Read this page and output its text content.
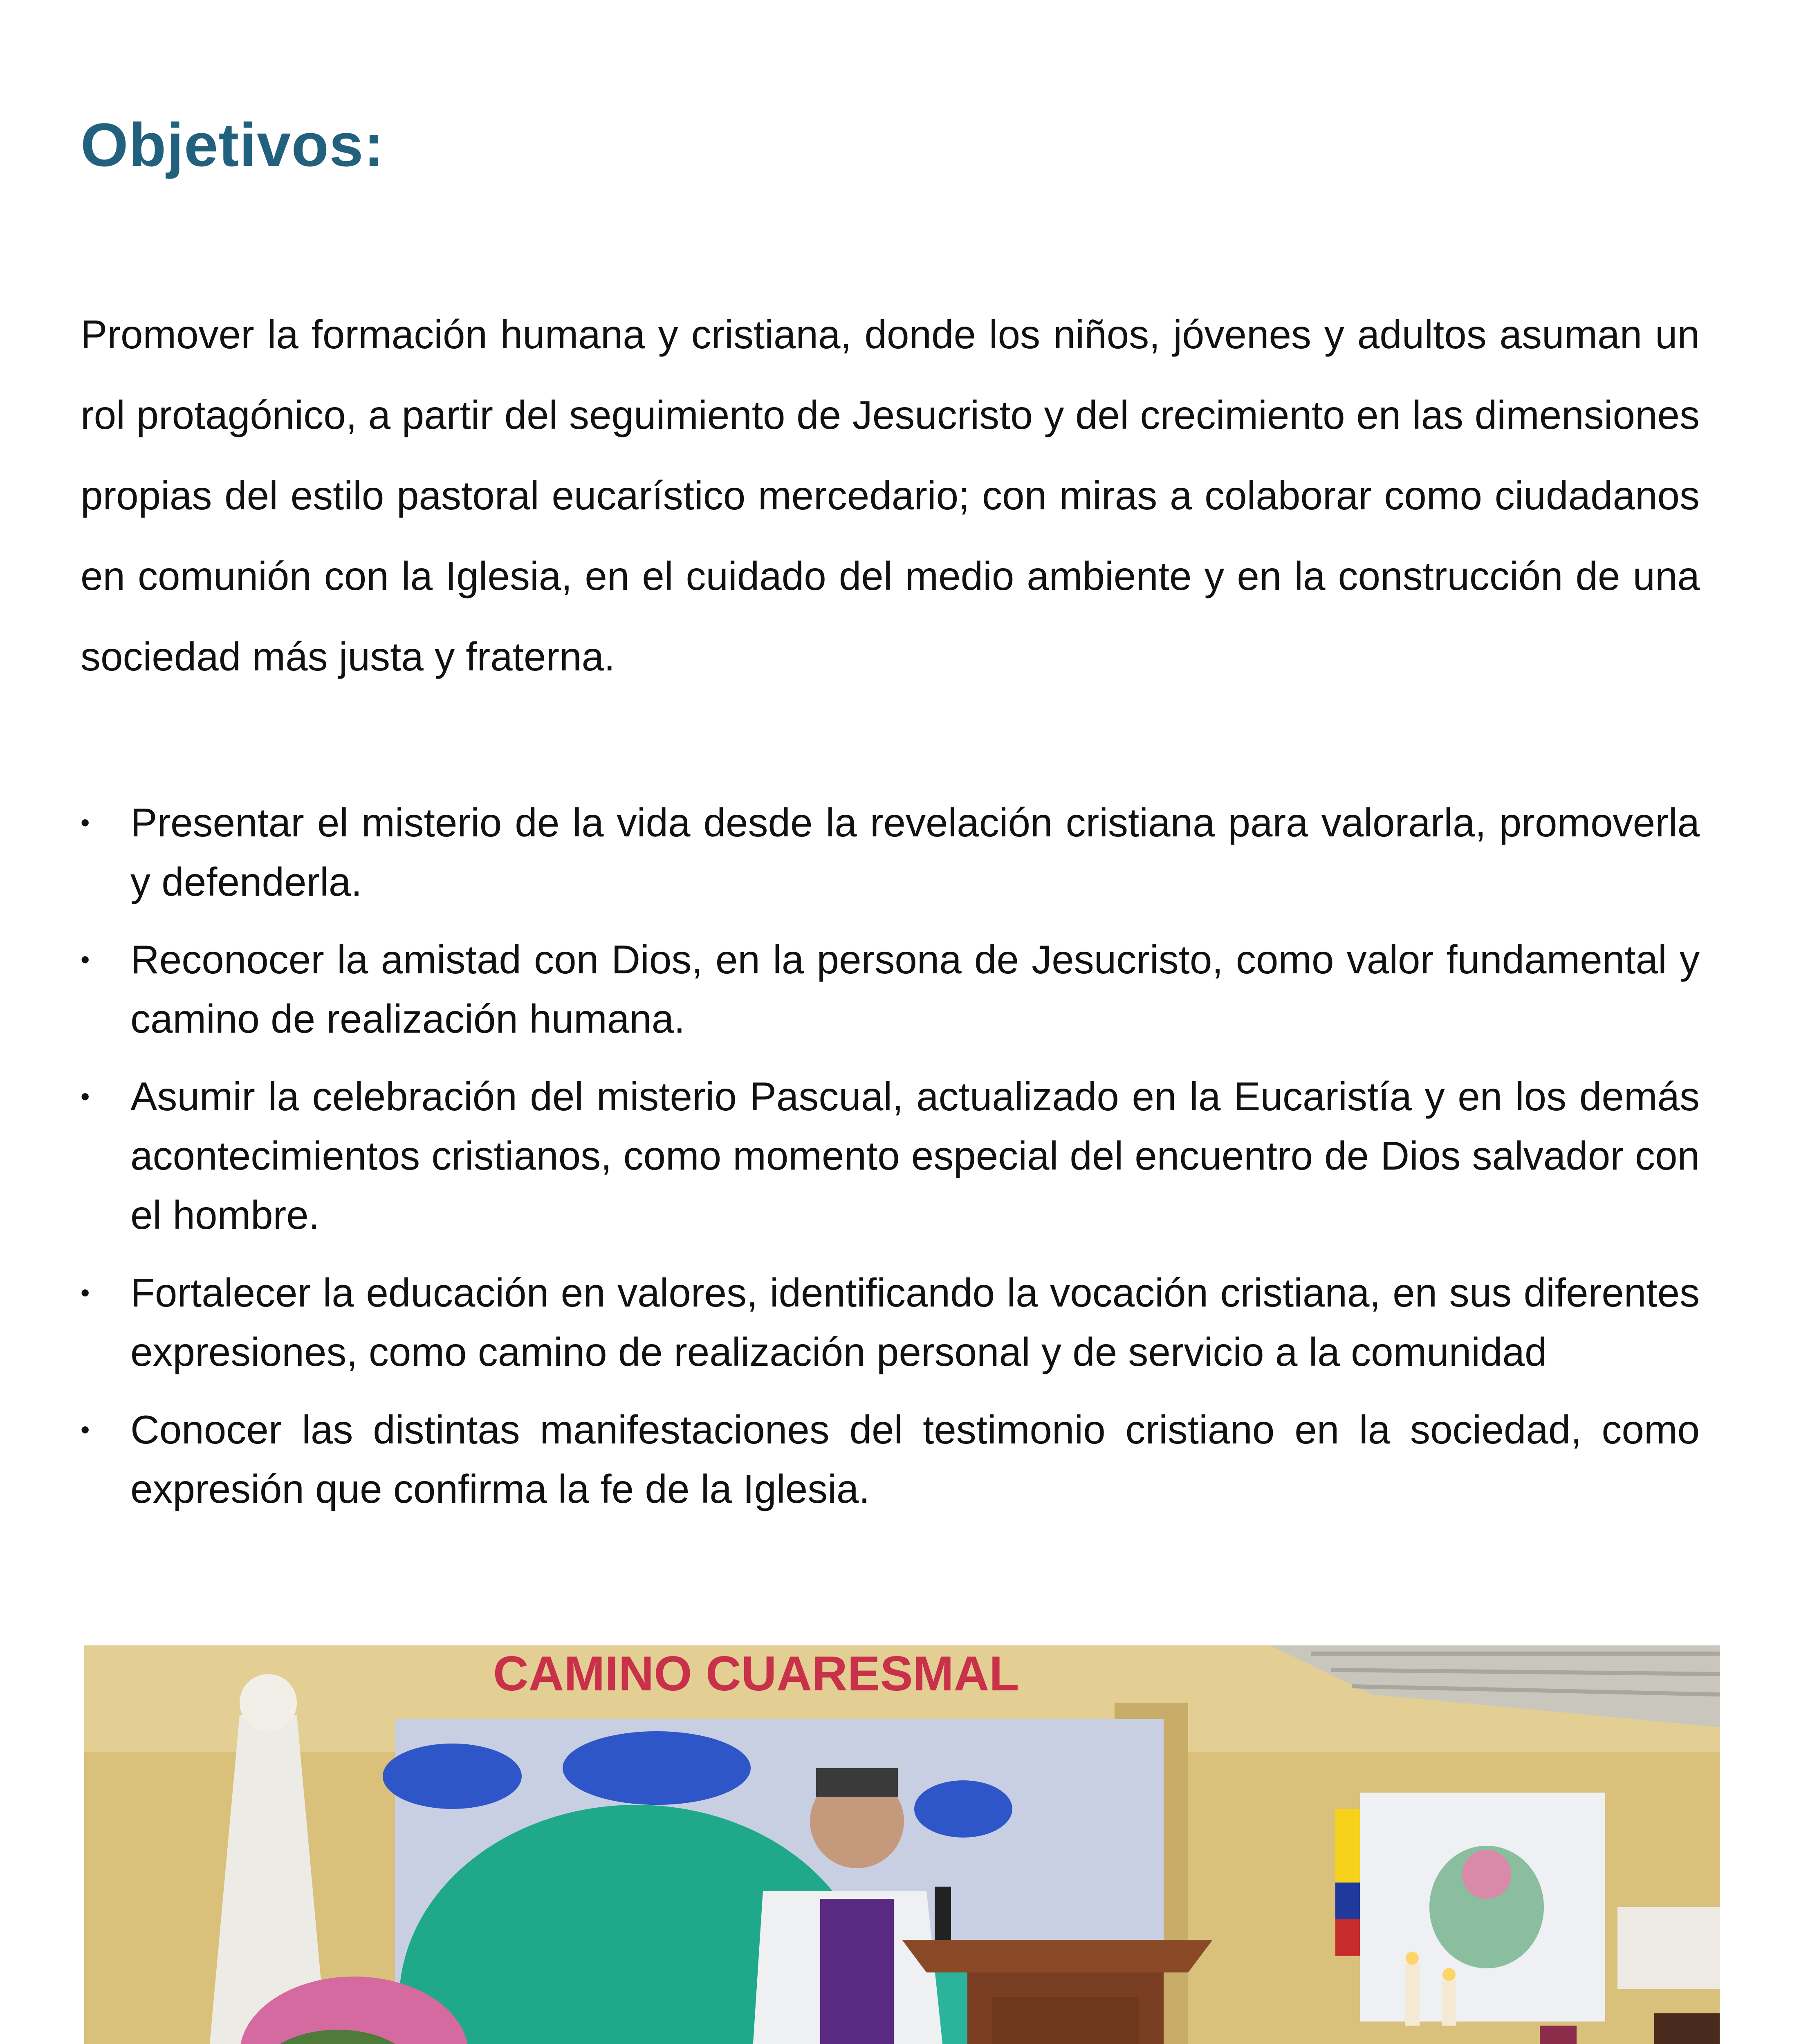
Objetivos:

Promover la formación humana y cristiana, donde los niños, jóvenes y adultos asuman un rol protagónico, a partir del seguimiento de Jesucristo y del crecimiento en las dimensiones propias del estilo pastoral eucarístico mercedario; con miras a colaborar como ciudadanos en comunión con la Iglesia, en el cuidado del medio ambiente y en la construcción de una sociedad más justa y fraterna.

• Presentar el misterio de la vida desde la revelación cristiana para valorarla, promoverla y defenderla.
• Reconocer la amistad con Dios, en la persona de Jesucristo, como valor fundamental y camino de realización humana.
• Asumir la celebración del misterio Pascual, actualizado en la Eucaristía y en los demás acontecimientos cristianos, como momento especial del encuentro de Dios salvador con el hombre.
• Fortalecer la educación en valores, identificando la vocación cristiana, en sus diferentes expresiones, como camino de realización personal y de servicio a la comunidad
• Conocer las distintas manifestaciones del testimonio cristiano en la sociedad, como expresión que confirma la fe de la Iglesia.
CAMINO CUARESMAL
